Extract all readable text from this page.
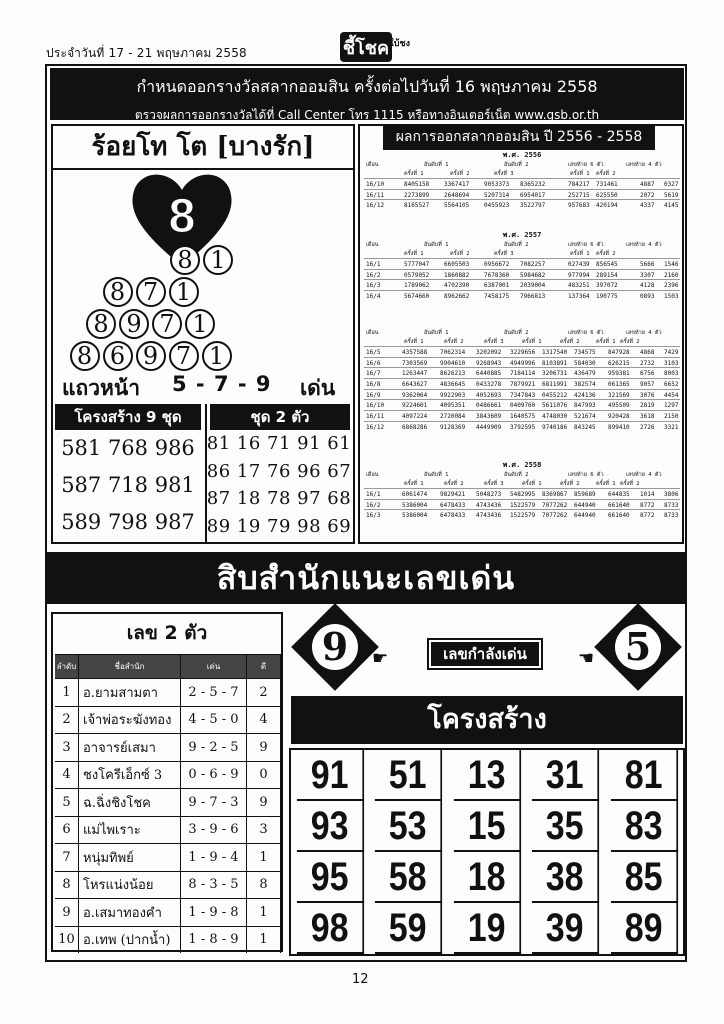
ประจำวันที่ 17 - 21 พฤษภาคม 2558	ชี้โชค ใบ้ชง
กำหนดออกรางวัลสลากออมสิน ครั้งต่อไปวันที่ 16 พฤษภาคม 2558
ตรวจผลการออกรางวัลได้ที่ Call Center โทร 1115 หรือทางอินเตอร์เน็ต www.gsb.or.th
ร้อยโท โต [บางรัก]
8
8 1
8 7 1
8 9 7 1
8 6 9 7 1
แถวหน้า 5 - 7 - 9 เด่น
โครงสร้าง 9 ชุด	ชุด 2 ตัว
581 768 986
587 718 981
589 798 987
81 16 71 91 61
86 17 76 96 67
87 18 78 97 68
89 19 79 98 69
ผลการออกสลากออมสิน ปี 2556 - 2558
พ.ศ. 2556
เดือน	อันดับที่ 1	อันดับที่ 2	เลขท้าย 6 ตัว	เลขท้าย 4 ตัว
ครั้งที่ 1	ครั้งที่ 2	ครั้งที่ 3	ครั้งที่ 1 ครั้งที่ 2
16/10	8405158 3367417 9053373 8365232	784217 731461	4887 0327
16/11	2273899 2648694 5207314 6954017	252715 625550	2072 5619
16/12	8165527 5564105 0455923 3522797	957683 420194	4337 4145
พ.ศ. 2557
เดือน	อันดับที่ 1	อันดับที่ 2	เลขท้าย 6 ตัว	เลขท้าย 4 ตัว
ครั้งที่ 1	ครั้งที่ 2	ครั้งที่ 3	ครั้งที่ 1 ครั้งที่ 2
16/1	5777047 6605503 0956672 7082257	027439 856545	5666 1546
16/2	0579052 1860882 7678360 5984682	977994 289154	3307 2160
16/3	1789062 4702390 6387001 2039004	483251 397072	4128 2396
16/4	5674660 8962662 7458175 7966813	137364 190775	0893 1503
เดือน	อันดับที่ 1	อันดับที่ 2	เลขท้าย 6 ตัว	เลขท้าย 4 ตัว
ครั้งที่ 1	ครั้งที่ 2	ครั้งที่ 3	ครั้งที่ 1	ครั้งที่ 2	ครั้งที่ 1 ครั้งที่ 2
16/5	4357588 7062314 3202092 3229656 1317540 734575 847928 4868 7429
16/6	7303569 9904610 9268943 4949996 8103891 584030 626215 2732 3103
16/7	1263447 8626213 6440885 7184114 3206731 436479 959381 6756 8003
16/8	6643627 4836645 0433278 7879921 6811991 382574 061365 9057 6652
16/9	9362064 9922903 4052693 7347843 0455212 424136 321569 3076 4454
16/10	9224601 4095351 0486661 0409760 5611076 847993 495509 2819 1297
16/11	4097224 2720084 3843609 1640575 4748030 521674 920428 3618 2150
16/12	6868286 9128369 4449909 3792595 9740186 843245 899410 2726 3321
พ.ศ. 2558
เดือน	อันดับที่ 1	อันดับที่ 2	เลขท้าย 6 ตัว	เลขท้าย 4 ตัว
ครั้งที่ 1	ครั้งที่ 2	ครั้งที่ 3	ครั้งที่ 1	ครั้งที่ 2	ครั้งที่ 1 ครั้งที่ 2
16/1	6061474 9829421 5048273 5482995 8369867 859689 644835 1014 3806
16/2	5386004 6478433 4743436 1522579 7077262 644940 661640 8772 8733
16/3	5386004 6478433 4743436 1522579 7077262 644940 661640 8772 8733
สิบสำนักแนะเลขเด่น
เลข 2 ตัว
ลำดับ	ชื่อสำนัก	เด่น	ดี
1 อ.ยามสามตา	2 - 5 - 7	2
2 เจ้าพ่อระฆังทอง	4 - 5 - 0	4
3 อาจารย์เสมา	9 - 2 - 5	9
4 ชงโครีเอ็กซ์ 3	0 - 6 - 9	0
5 ฉ.ฉิ่งชิงโชค	9 - 7 - 3	9
6 แม่ไพเราะ	3 - 9 - 6	3
7 หนุ่มทิพย์	1 - 9 - 4	1
8 โหรแน่งน้อย	8 - 3 - 5	8
9 อ.เสมาทองคำ	1 - 9 - 8	1
10 อ.เทพ (ปากน้ำ)	1 - 8 - 9	1
9	5
☛	☛
เลขกำลังเด่น
โครงสร้าง
91	51	13	31	81
93	53	15	35	83
95	58	18	38	85
98	59	19	39	89
12
